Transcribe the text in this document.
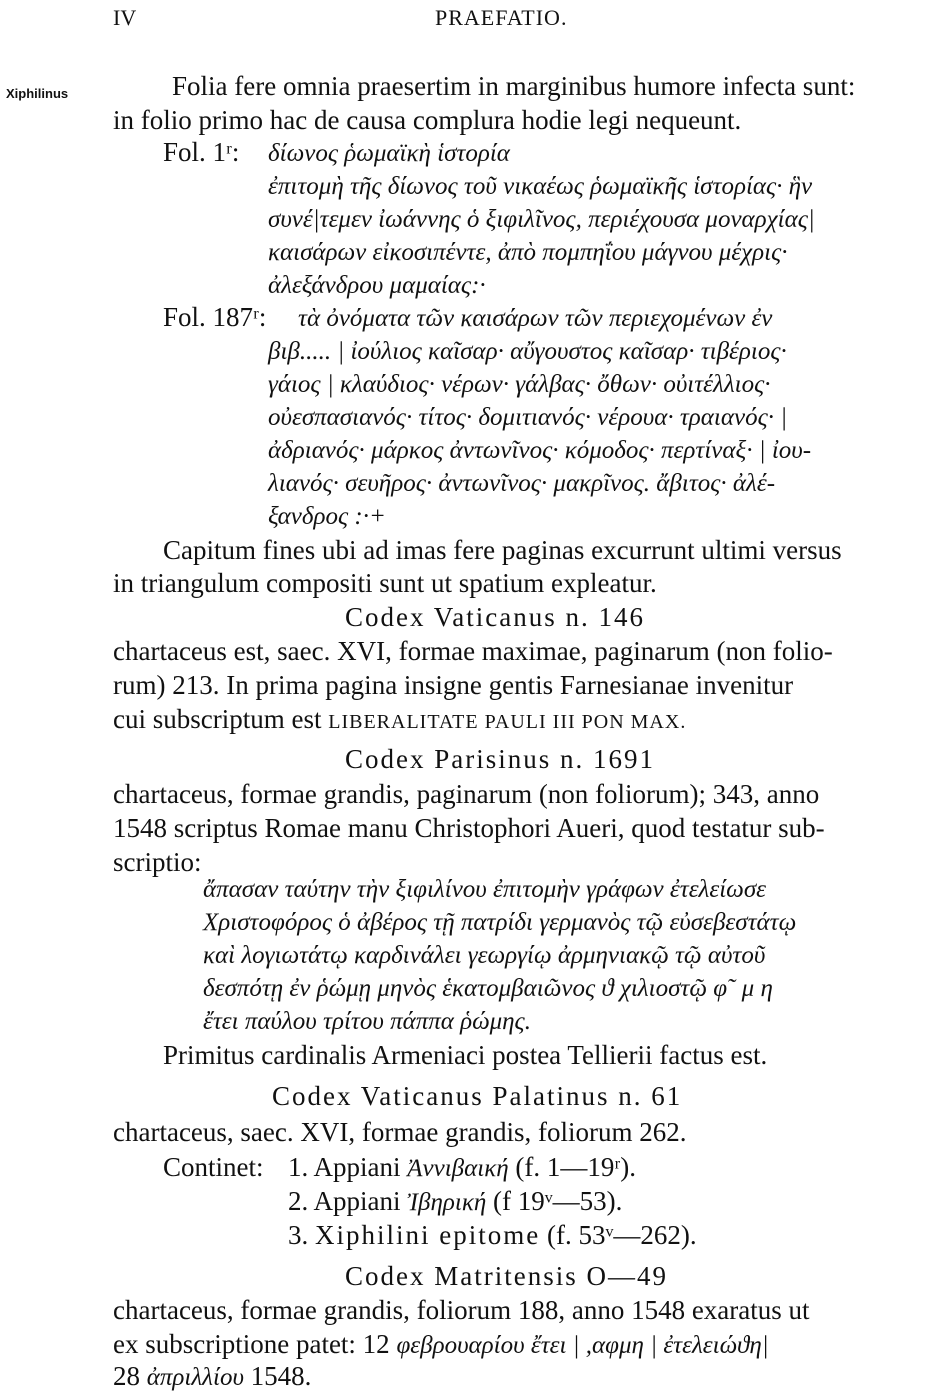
IV	PRAEFATIO.
Xiphilinus	Folia fere omnia praesertim in marginibus humore infecta sunt:
in folio primo hac de causa complura hodie legi nequeunt.
Fol. 1ʳ: δίωνος ῥωμαϊκὴ ἱστορία
ἐπιτομὴ τῆς δίωνος τοῦ νικαέως ῥωμαϊκῆς ἱστορίας· ἣν
συνέ|τεμεν ἰωάννης ὁ ξιφιλῖνος, περιέχουσα μοναρχίας|
καισάρων εἰκοσιπέντε, ἀπὸ πομπηΐου μάγνου μέχρις·
ἀλεξάνδρου μαμαίας:·
Fol. 187ʳ: τὰ ὀνόματα τῶν καισάρων τῶν περιεχομένων ἐν
βιβ..... | ἰούλιος καῖσαρ· αὔγουστος καῖσαρ· τιβέριος·
γάιος | κλαύδιος· νέρων· γάλβας· ὄθων· οὐιτέλλιος·
οὐεσπασιανός· τίτος· δομιτιανός· νέρουα· τραιανός· |
ἀδριανός· μάρκος ἀντωνῖνος· κόμοδος· περτίναξ· | ἰου-
λιανός· σευῆρος· ἀντωνῖνος· μακρῖνος. ἄβιτος· ἀλέ-
ξανδρος :·+
Capitum fines ubi ad imas fere paginas excurrunt ultimi versus
in triangulum compositi sunt ut spatium expleatur.
Codex Vaticanus n. 146
chartaceus est, saec. XVI, formae maximae, paginarum (non folio-
rum) 213. In prima pagina insigne gentis Farnesianae invenitur
cui subscriptum est LIBERALITATE PAULI III PON MAX.
Codex Parisinus n. 1691
chartaceus, formae grandis, paginarum (non foliorum); 343, anno
1548 scriptus Romae manu Christophori Aueri, quod testatur sub-
scriptio:
ἄπασαν ταύτην τὴν ξιφιλίνου ἐπιτομὴν γράφων ἐτελείωσε
Χριστοφόρος ὁ ἀβέρος τῇ πατρίδι γερμανὸς τῷ εὐσεβεστάτῳ
καὶ λογιωτάτῳ καρδινάλει γεωργίῳ ἀρμηνιακῷ τῷ αὐτοῦ
δεσπότῃ ἐν ῥώμῃ μηνὸς ἑκατομβαιῶνος ϑ χιλιοστῷ φ῀ μ η
ἔτει παύλου τρίτου πάππα ῥώμης.
Primitus cardinalis Armeniaci postea Tellierii factus est.
Codex Vaticanus Palatinus n. 61
chartaceus, saec. XVI, formae grandis, foliorum 262.
Continet: 1. Appiani Ἀννιβαική (f. 1—19ʳ).
2. Appiani Ἰβηρική (f 19ᵛ—53).
3. Xiphilini epitome (f. 53ᵛ—262).
Codex Matritensis O—49
chartaceus, formae grandis, foliorum 188, anno 1548 exaratus ut
ex subscriptione patet: 12 φεβρουαρίου ἔτει | ,αφμη | ἐτελειώϑη|
28 ἀπριλλίου 1548.
